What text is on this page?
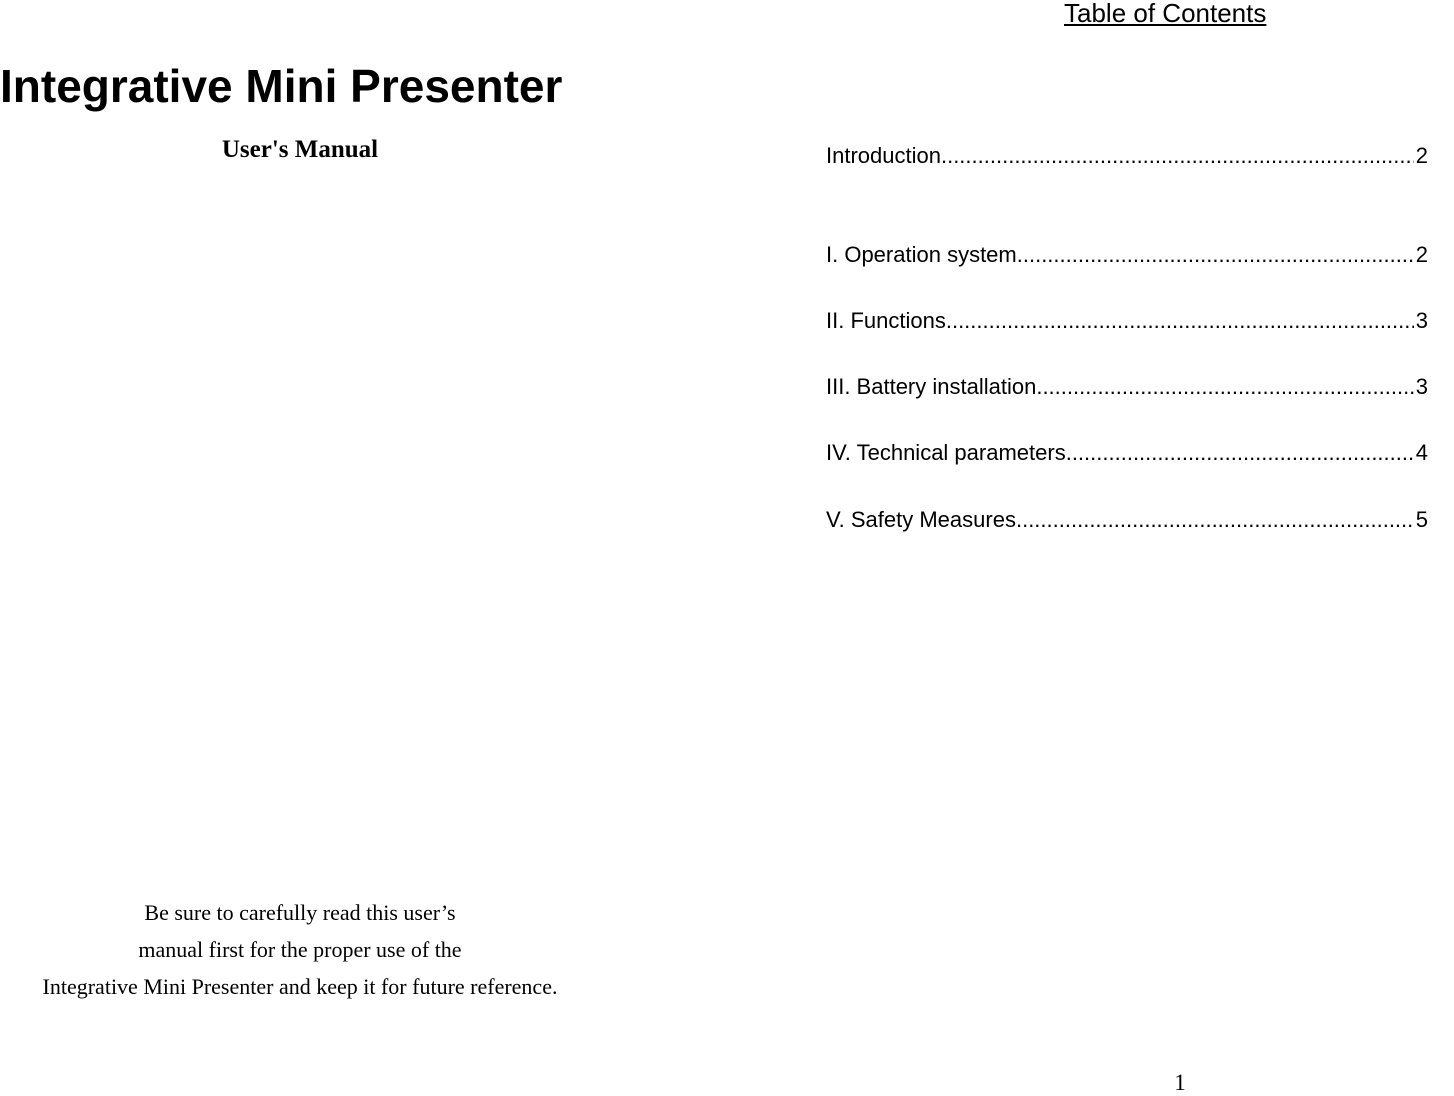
Integrative Mini Presenter
User's Manual
Be sure to carefully read this user’s
manual first for the proper use of the
Integrative Mini Presenter and keep it for future reference.
Table of Contents
Introduction .....	2
I. Operation system .....	2
II. Functions .....	3
III. Battery installation .....	3
IV. Technical parameters .....	4
V. Safety Measures .....	5
1
